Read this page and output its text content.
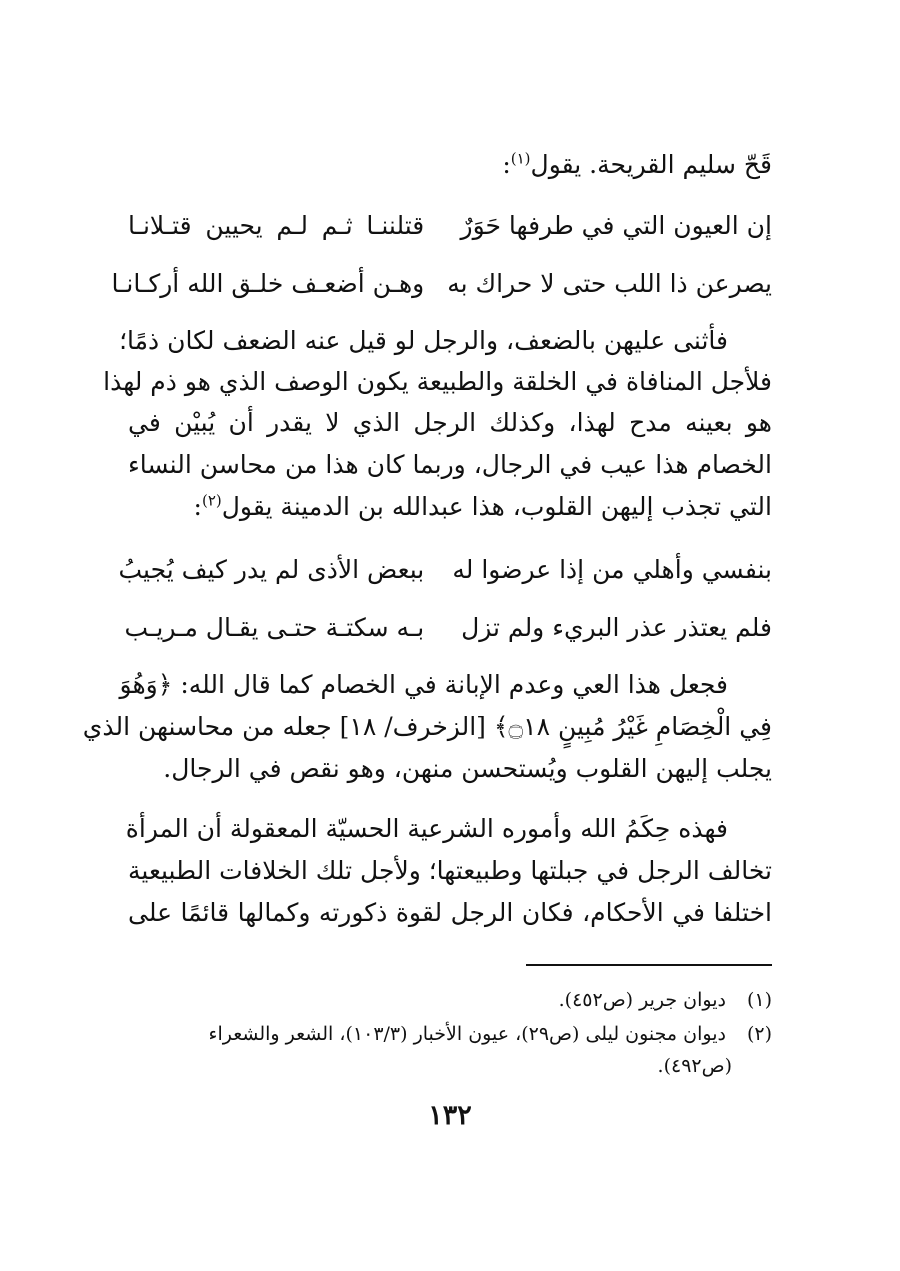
قَحّ سليم القريحة. يقول$^{(١)}$:
إن العيون التي في طرفها حَوَرٌ
قتلننـا ثـم لـم يحيين قتـلانـا
يصرعن ذا اللب حتى لا حراك به
وهـن أضعـف خلـق الله أركـانـا
فأثنى عليهن بالضعف، والرجل لو قيل عنه الضعف لكان ذمًا؛
فلأجل المنافاة في الخلقة والطبيعة يكون الوصف الذي هو ذم لهذا
هو بعينه مدح لهذا، وكذلك الرجل الذي لا يقدر أن يُبيْن في
الخصام هذا عيب في الرجال، وربما كان هذا من محاسن النساء
التي تجذب إليهن القلوب، هذا عبدالله بن الدمينة يقول$^{(٢)}$:
بنفسي وأهلي من إذا عرضوا له
ببعض الأذى لم يدر كيف يُجيبُ
فلم يعتذر عذر البريء ولم تزل
بـه سكتـة حتـى يقـال مـريـب
فجعل هذا العي وعدم الإبانة في الخصام كما قال الله: ﴿وَهُوَ
فِي الْخِصَامِ غَيْرُ مُبِينٍ ۝١٨﴾ [الزخرف/ ١٨] جعله من محاسنهن الذي
يجلب إليهن القلوب ويُستحسن منهن، وهو نقص في الرجال.
فهذه حِكَمُ الله وأموره الشرعية الحسيّة المعقولة أن المرأة
تخالف الرجل في جبلتها وطبيعتها؛ ولأجل تلك الخلافات الطبيعية
اختلفا في الأحكام، فكان الرجل لقوة ذكورته وكمالها قائمًا على
(١) ديوان جرير (ص٤٥٢).
(٢) ديوان مجنون ليلى (ص٢٩)، عيون الأخبار (١٠٣/٣)، الشعر والشعراء
(ص٤٩٢).
١٣٢
